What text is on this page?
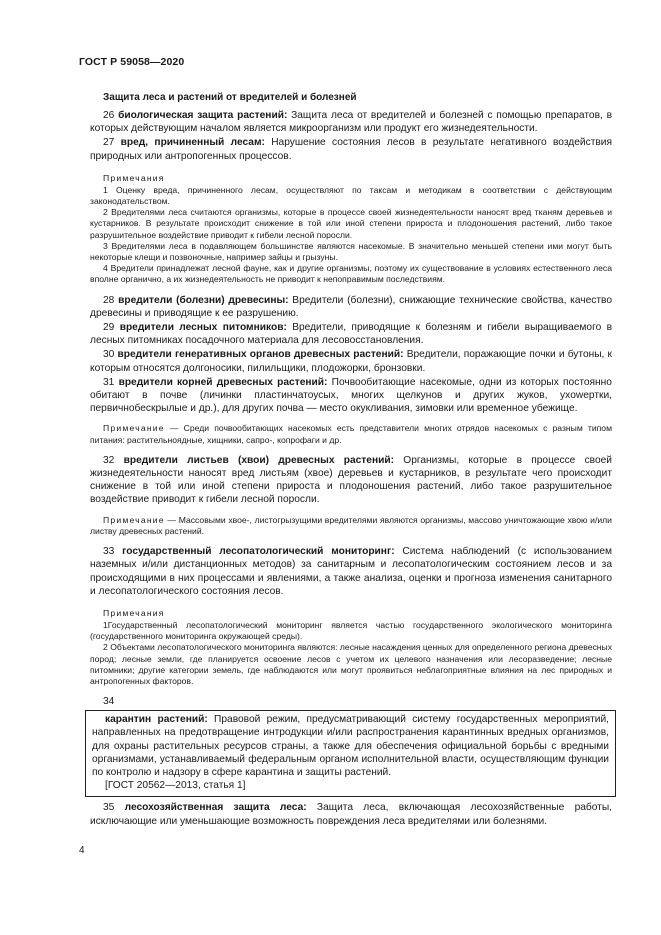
ГОСТ Р 59058—2020
Защита леса и растений от вредителей и болезней

26 биологическая защита растений: Защита леса от вредителей и болезней с помощью препаратов, в которых действующим началом является микроорганизм или продукт его жизнедеятельности.

27 вред, причиненный лесам: Нарушение состояния лесов в результате негативного воздействия природных или антропогенных процессов.

Примечания

1 Оценку вреда, причиненного лесам, осуществляют по таксам и методикам в соответствии с действующим законодательством.

2 Вредителями леса считаются организмы, которые в процессе своей жизнедеятельности наносят вред тканям деревьев и кустарников. В результате происходит снижение в той или иной степени прироста и плодоношения растений, либо такое разрушительное воздействие приводит к гибели лесной поросли.

3 Вредителями леса в подавляющем большинстве являются насекомые. В значительно меньшей степени ими могут быть некоторые клещи и позвоночные, например зайцы и грызуны.

4 Вредители принадлежат лесной фауне, как и другие организмы, поэтому их существование в условиях естественного леса вполне органично, а их жизнедеятельность не приводит к непоправимым последствиям.

28 вредители (болезни) древесины: Вредители (болезни), снижающие технические свойства, качество древесины и приводящие к ее разрушению.

29 вредители лесных питомников: Вредители, приводящие к болезням и гибели выращиваемого в лесных питомниках посадочного материала для лесовосстановления.

30 вредители генеративных органов древесных растений: Вредители, поражающие почки и бутоны, к которым относятся долгоносики, пилильщики, плодожорки, бронзовки.

31 вредители корней древесных растений: Почвообитающие насекомые, одни из которых постоянно обитают в почве (личинки пластинчатоусых, многих щелкунов и других жуков, ухowертки, первичнобескрылые и др.), для других почва — место окукливания, зимовки или временное убежище.

Примечание — Среди почвообитающих насекомых есть представители многих отрядов насекомых с разным типом питания: растительноядные, хищники, сапро-, копрофаги и др.

32 вредители листьев (хвои) древесных растений: Организмы, которые в процессе своей жизнедеятельности наносят вред листьям (хвое) деревьев и кустарников, в результате чего происходит снижение в той или иной степени прироста и плодоношения растений, либо такое разрушительное воздействие приводит к гибели лесной поросли.

Примечание — Массовыми хвое-, листогрызущими вредителями являются организмы, массово уничтожающие хвою и/или листву древесных растений.

33 государственный лесопатологический мониторинг: Система наблюдений (с использованием наземных и/или дистанционных методов) за санитарным и лесопатологическим состоянием лесов и за происходящими в них процессами и явлениями, а также анализа, оценки и прогноза изменения санитарного и лесопатологического состояния лесов.

Примечания

1Государственный лесопатологический мониторинг является частью государственного экологического мониторинга (государственного мониторинга окружающей среды).

2 Объектами лесопатологического мониторинга являются: лесные насаждения ценных для определенного региона древесных пород; лесные земли, где планируется освоение лесов с учетом их целевого назначения или лесоразведение; лесные питомники; другие категории земель, где наблюдаются или могут проявиться неблагоприятные влияния на лес природных и антропогенных факторов.

34

карантин растений: Правовой режим, предусматривающий систему государственных мероприятий, направленных на предотвращение интродукции и/или распространения карантинных вредных организмов, для охраны растительных ресурсов страны, а также для обеспечения официальной борьбы с вредными организмами, устанавливаемый федеральным органом исполнительной власти, осуществляющим функции по контролю и надзору в сфере карантина и защиты растений.

[ГОСТ 20562—2013, статья 1]

35 лесохозяйственная защита леса: Защита леса, включающая лесохозяйственные работы, исключающие или уменьшающие возможность повреждения леса вредителями или болезнями.

4
